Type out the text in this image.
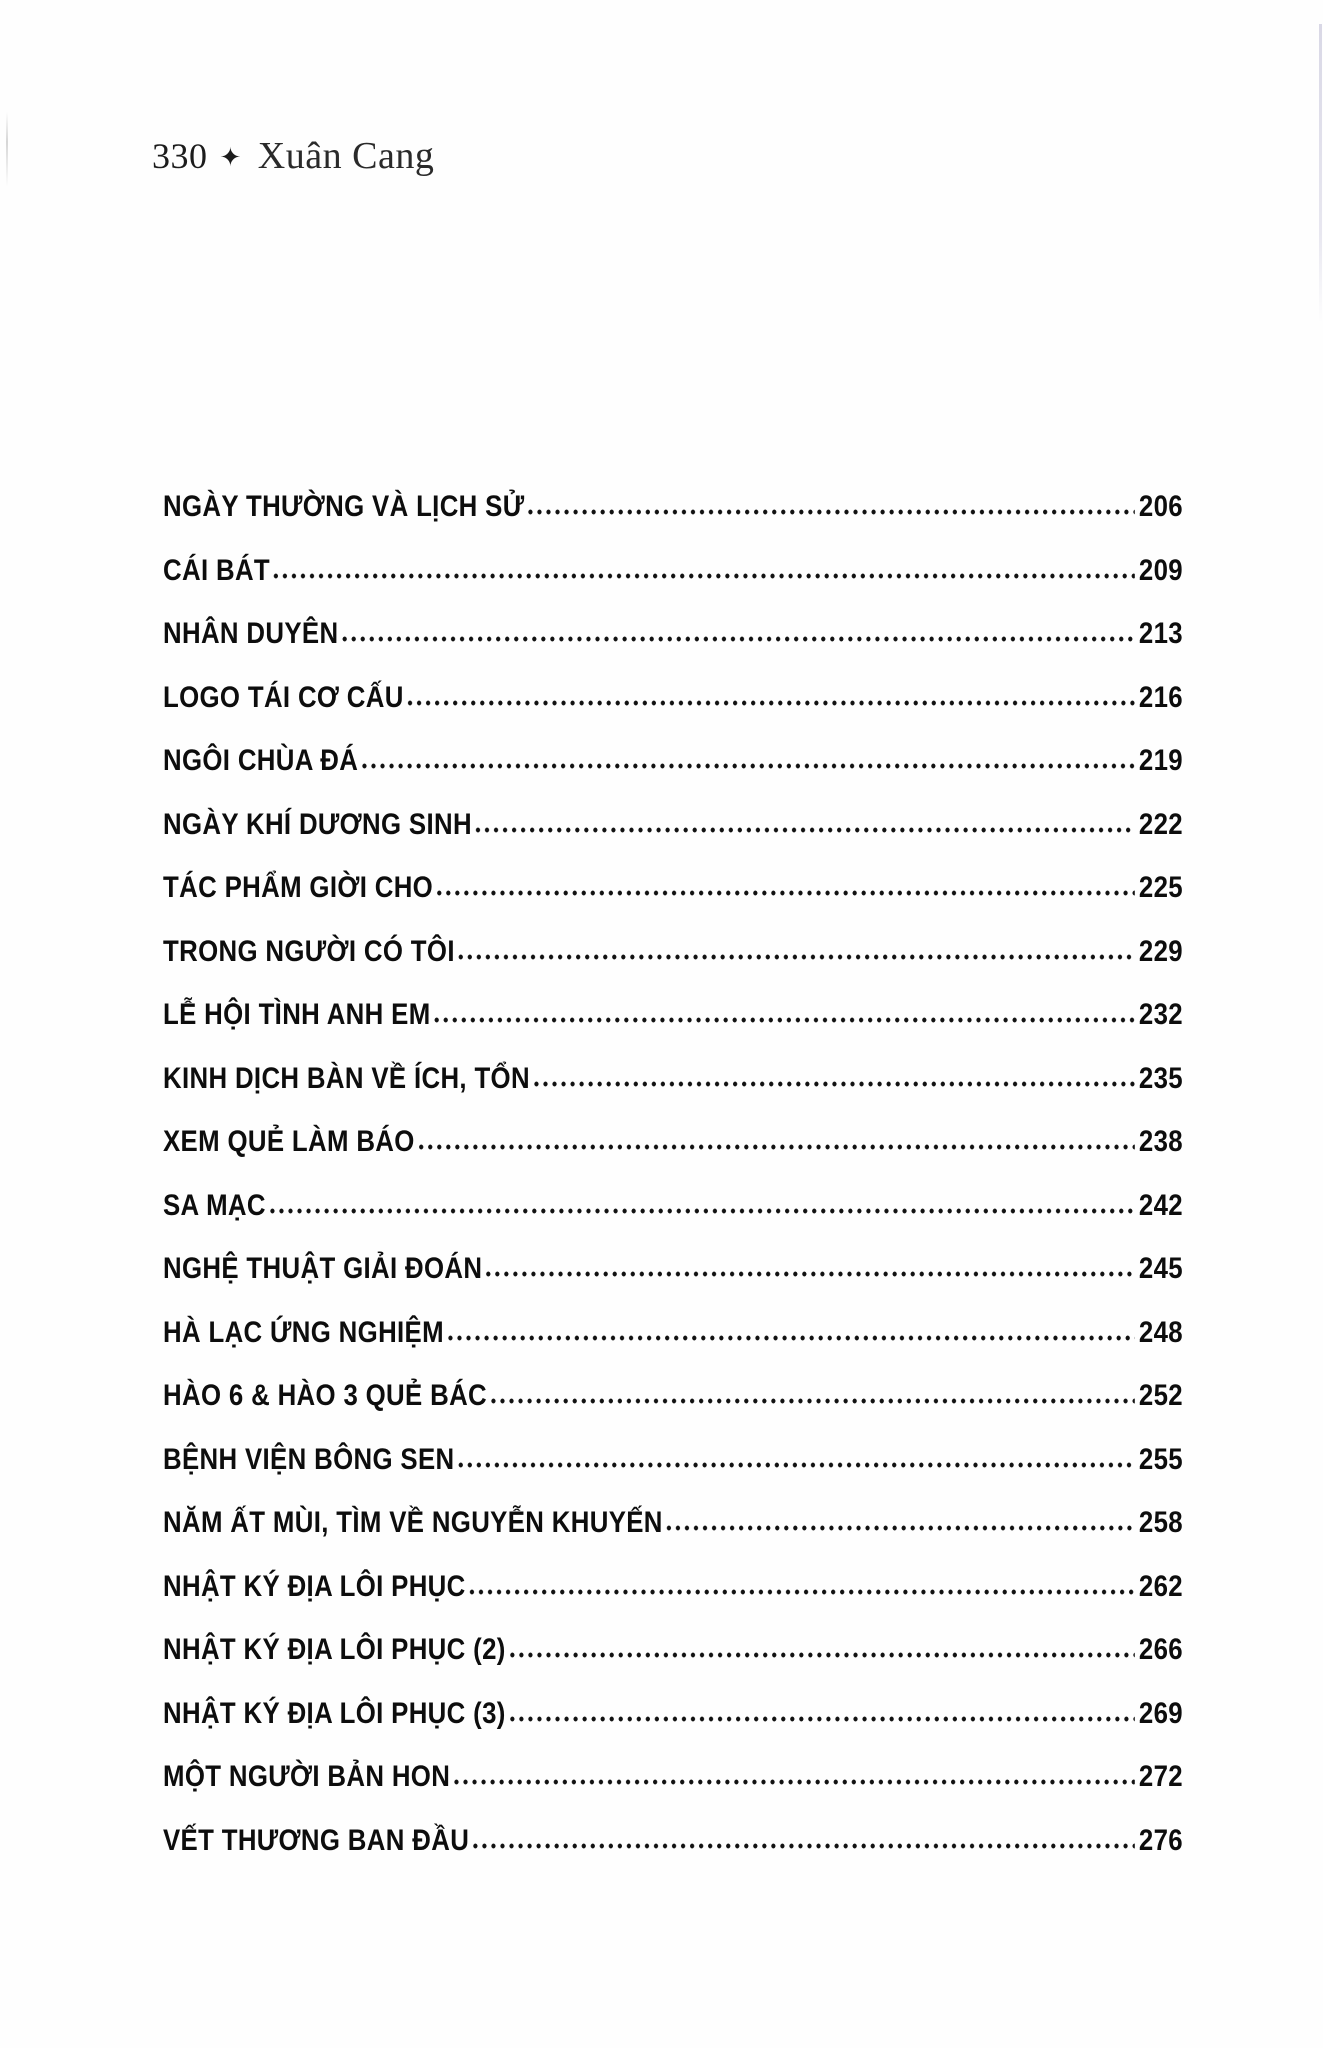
330 ✦ Xuân Cang
NGÀY THƯỜNG VÀ LỊCH SỬ	206
CÁI BÁT	209
NHÂN DUYÊN	213
LOGO TÁI CƠ CẤU	216
NGÔI CHÙA ĐÁ	219
NGÀY KHÍ DƯƠNG SINH	222
TÁC PHẨM GIỜI CHO	225
TRONG NGƯỜI CÓ TÔI	229
LỄ HỘI TÌNH ANH EM	232
KINH DỊCH BÀN VỀ ÍCH, TỔN	235
XEM QUẺ LÀM BÁO	238
SA MẠC	242
NGHỆ THUẬT GIẢI ĐOÁN	245
HÀ LẠC ỨNG NGHIỆM	248
HÀO 6 & HÀO 3 QUẺ BÁC	252
BỆNH VIỆN BÔNG SEN	255
NĂM ẤT MÙI, TÌM VỀ NGUYỄN KHUYẾN	258
NHẬT KÝ ĐỊA LÔI PHỤC	262
NHẬT KÝ ĐỊA LÔI PHỤC (2)	266
NHẬT KÝ ĐỊA LÔI PHỤC (3)	269
MỘT NGƯỜI BẢN HON	272
VẾT THƯƠNG BAN ĐẦU	276
